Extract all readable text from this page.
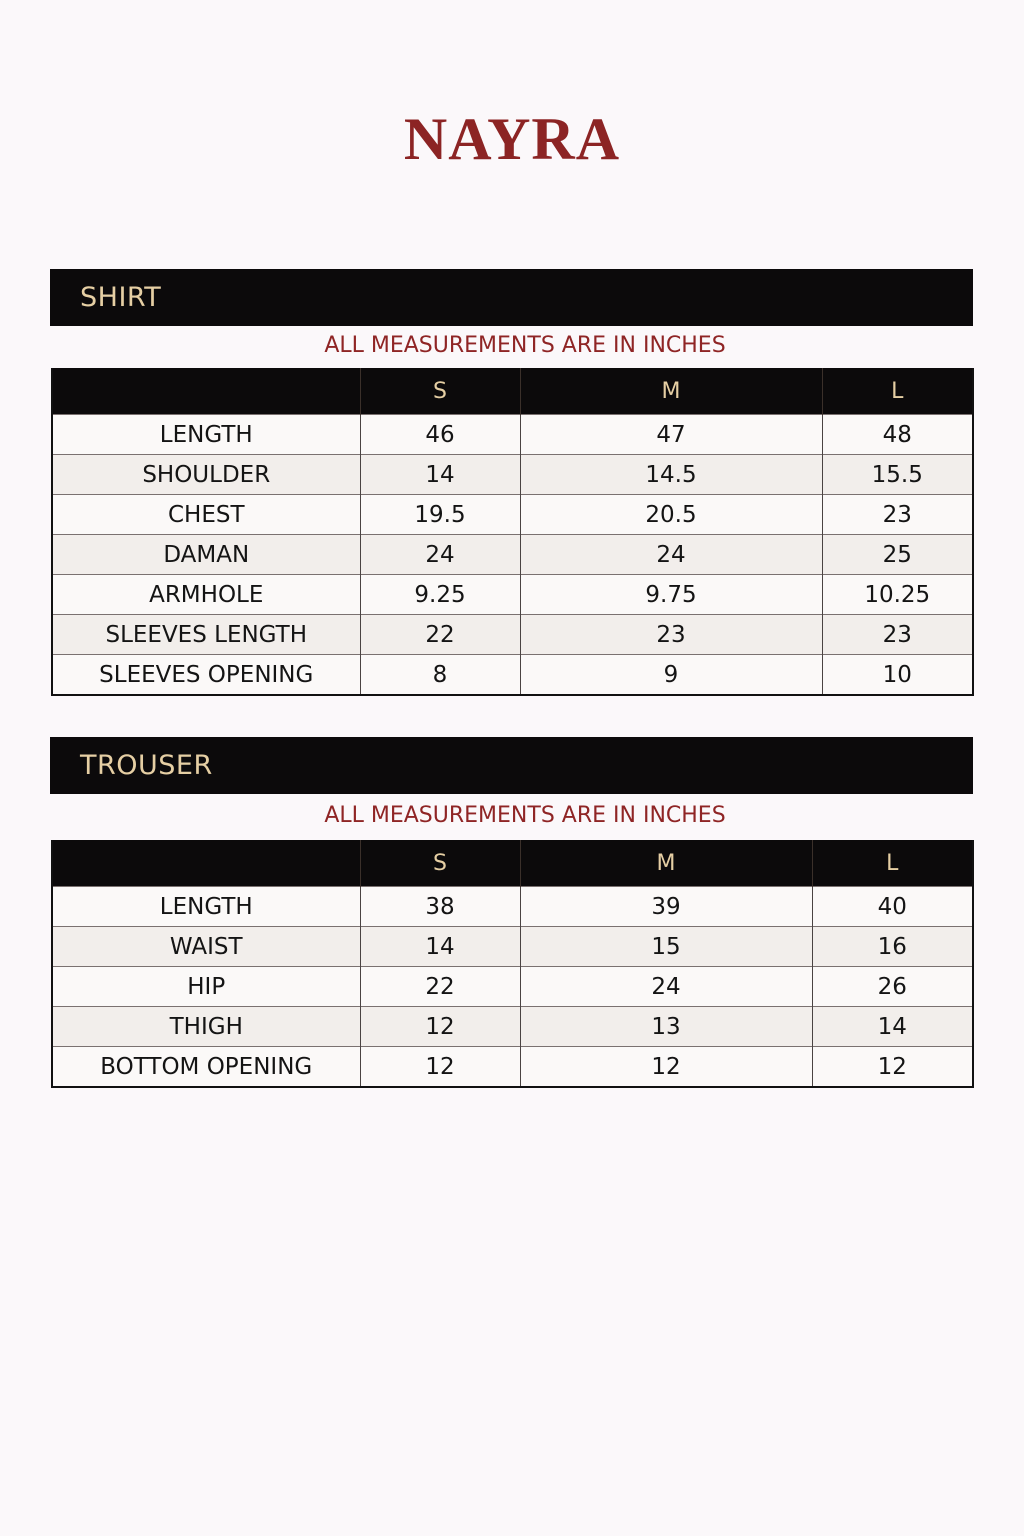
NAYRA
SHIRT
ALL MEASUREMENTS ARE IN INCHES
	S	M	L
LENGTH	46	47	48
SHOULDER	14	14.5	15.5
CHEST	19.5	20.5	23
DAMAN	24	24	25
ARMHOLE	9.25	9.75	10.25
SLEEVES LENGTH	22	23	23
SLEEVES OPENING	8	9	10
TROUSER
ALL MEASUREMENTS ARE IN INCHES
	S	M	L
LENGTH	38	39	40
WAIST	14	15	16
HIP	22	24	26
THIGH	12	13	14
BOTTOM OPENING	12	12	12
